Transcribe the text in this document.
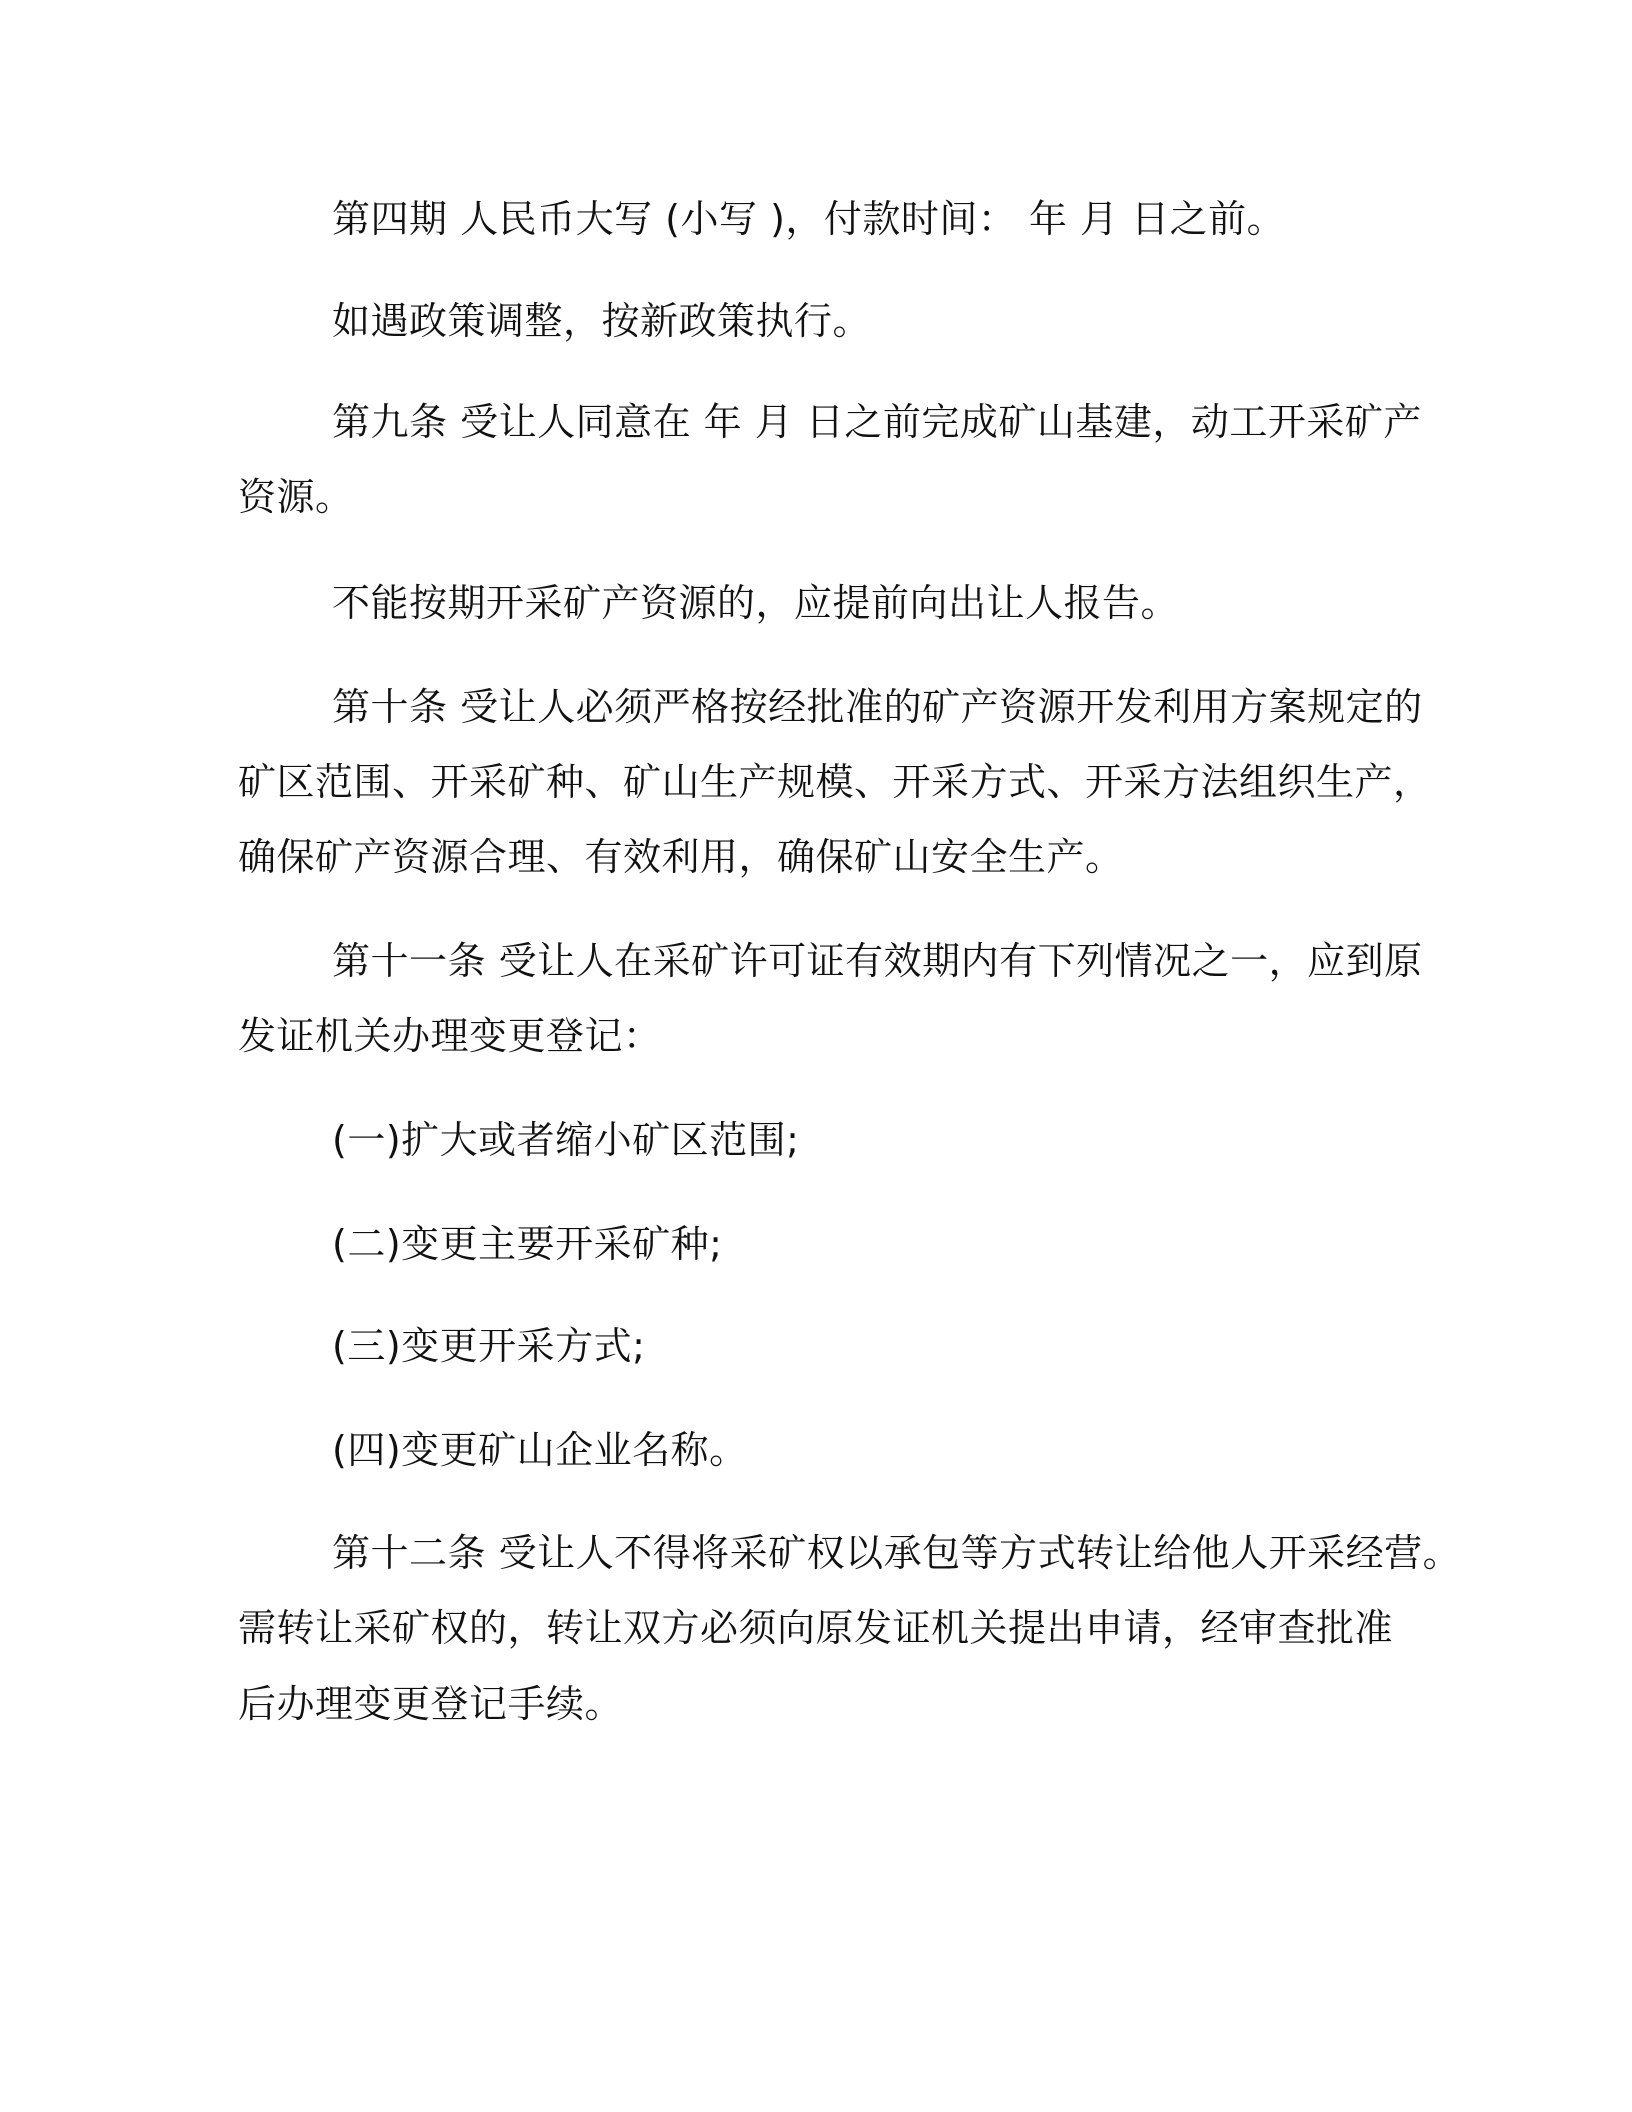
第四期 人民币大写 (小写 )，付款时间： 年 月 日之前。
如遇政策调整，按新政策执行。
第九条 受让人同意在 年 月 日之前完成矿山基建，动工开采矿产
资源。
不能按期开采矿产资源的，应提前向出让人报告。
第十条 受让人必须严格按经批准的矿产资源开发利用方案规定的
矿区范围、开采矿种、矿山生产规模、开采方式、开采方法组织生产，
确保矿产资源合理、有效利用，确保矿山安全生产。
第十一条 受让人在采矿许可证有效期内有下列情况之一，应到原
发证机关办理变更登记：
(一)扩大或者缩小矿区范围;
(二)变更主要开采矿种;
(三)变更开采方式;
(四)变更矿山企业名称。
第十二条 受让人不得将采矿权以承包等方式转让给他人开采经营。
需转让采矿权的，转让双方必须向原发证机关提出申请，经审查批准
后办理变更登记手续。
